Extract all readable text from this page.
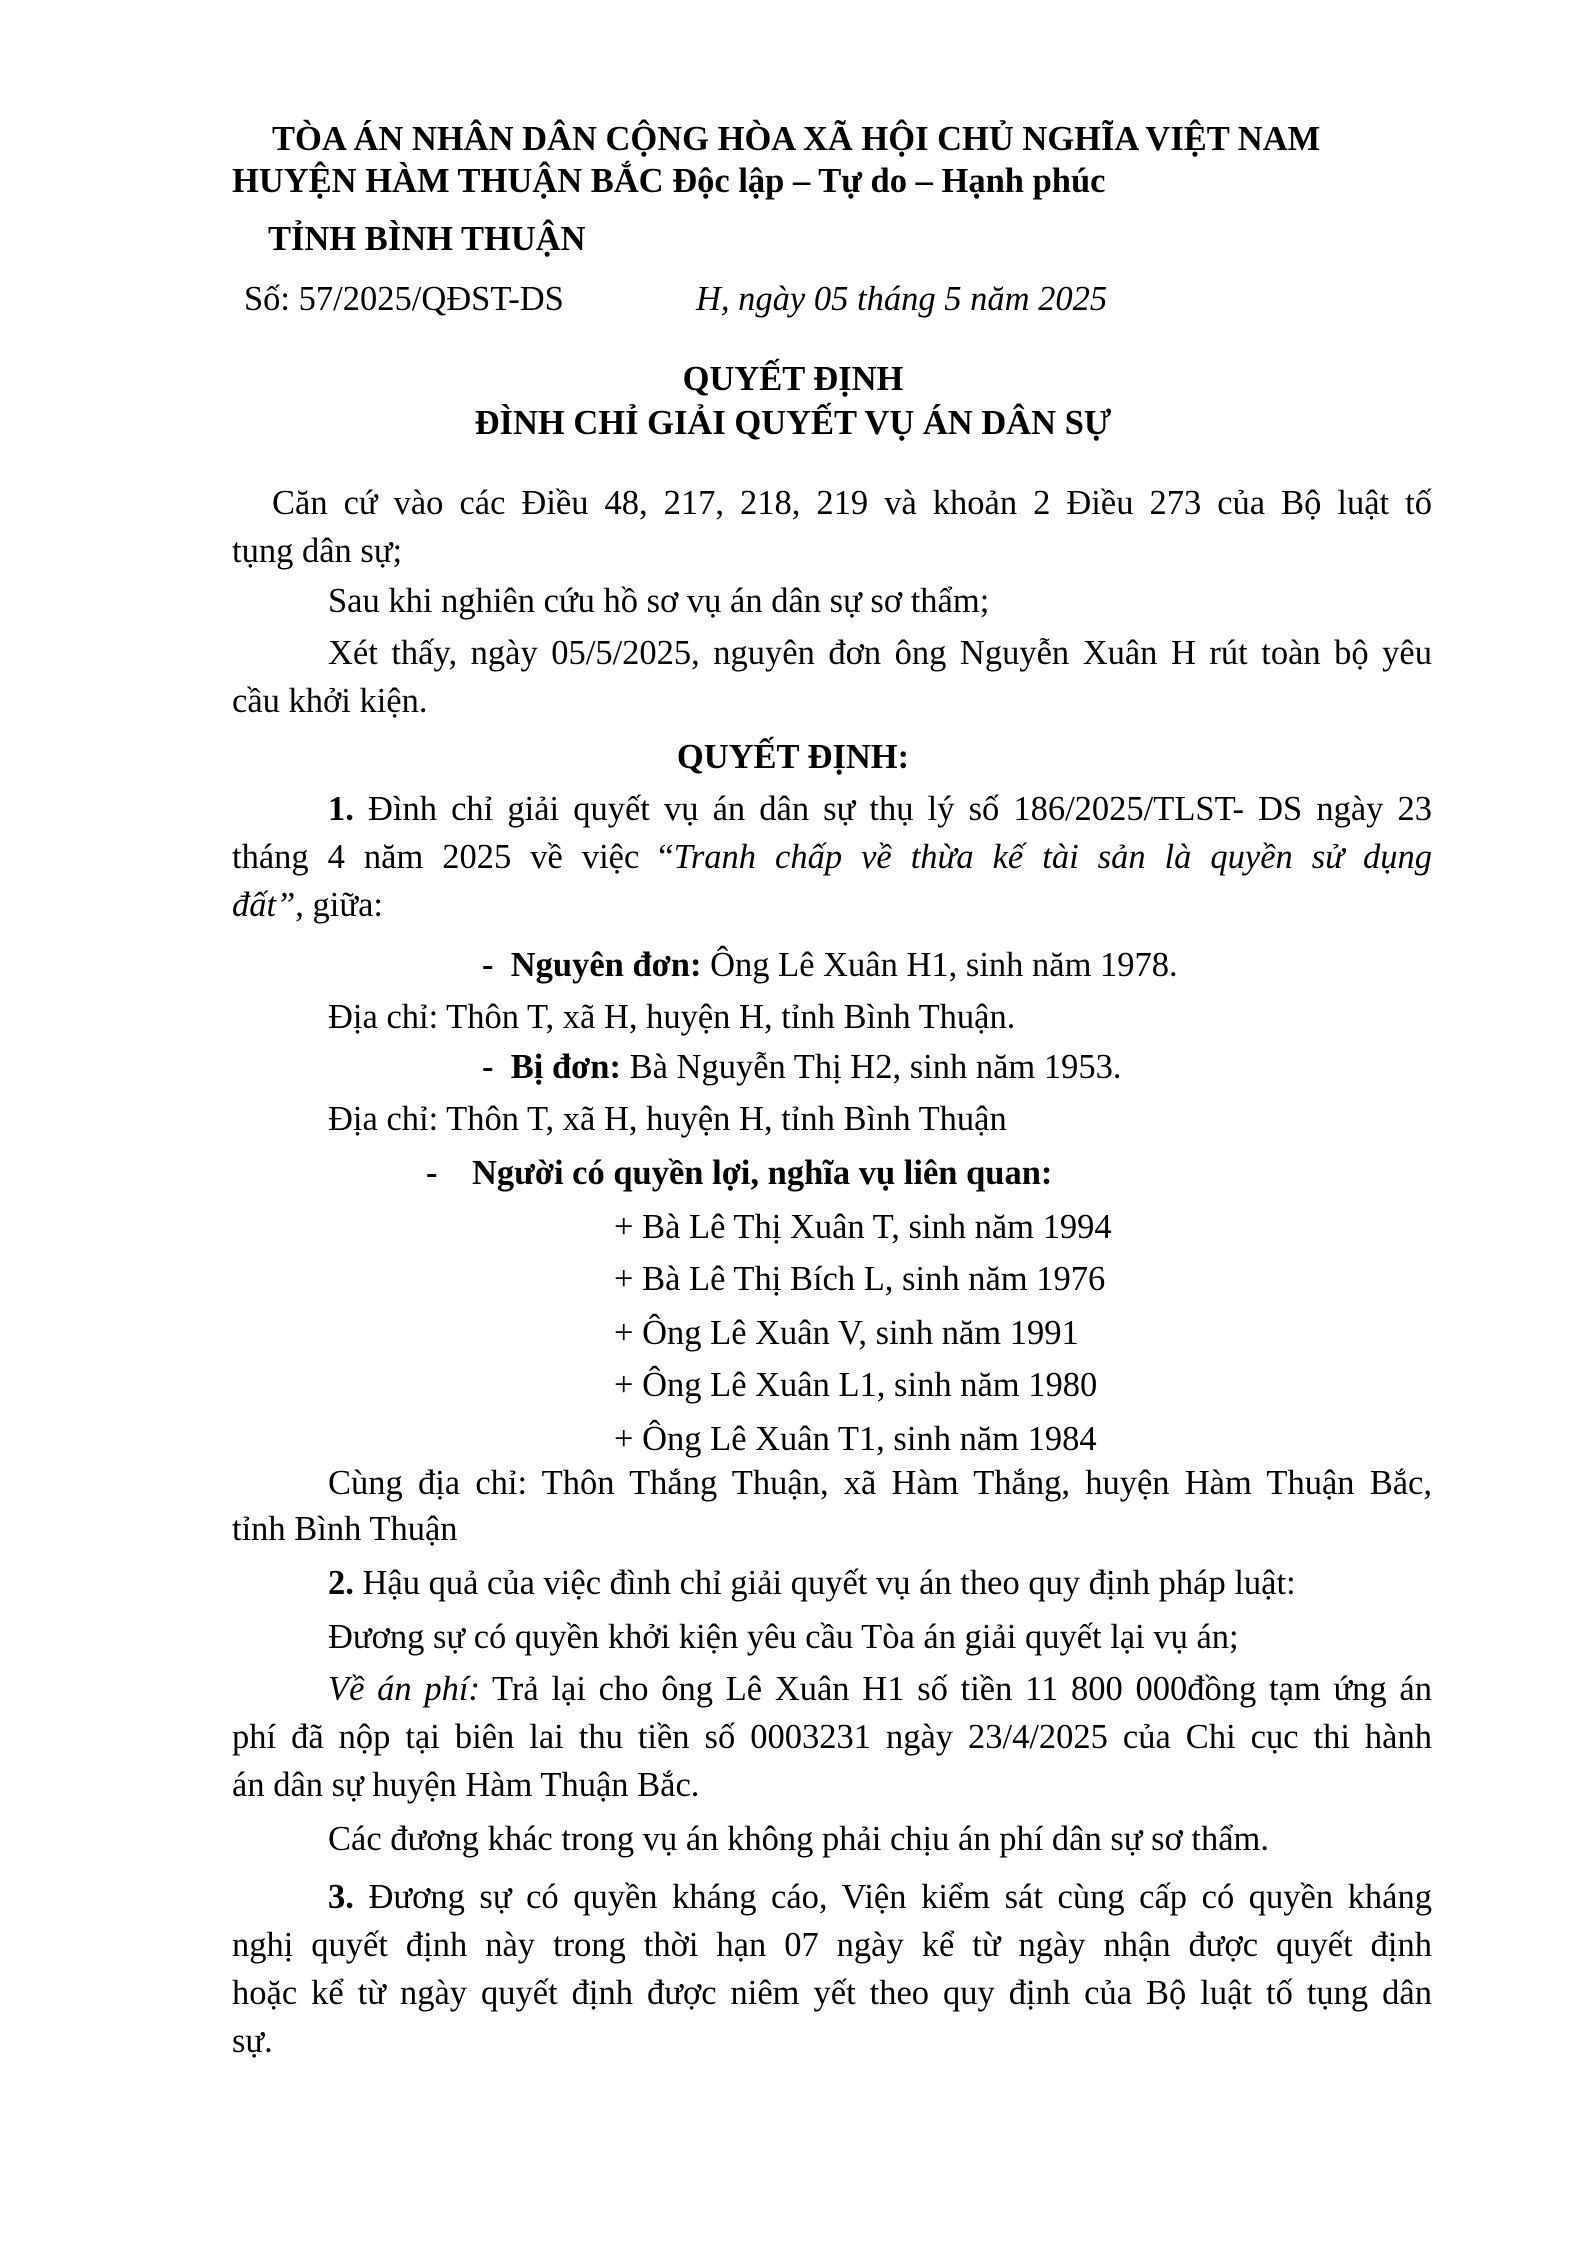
TÒA ÁN NHÂN DÂN CỘNG HÒA XÃ HỘI CHỦ NGHĨA VIỆT NAM
HUYỆN HÀM THUẬN BẮC Độc lập – Tự do – Hạnh phúc
TỈNH BÌNH THUẬN
Số: 57/2025/QĐST-DS	H, ngày 05 tháng 5 năm 2025
QUYẾT ĐỊNH
ĐÌNH CHỈ GIẢI QUYẾT VỤ ÁN DÂN SỰ
Căn cứ vào các Điều 48, 217, 218, 219 và khoản 2 Điều 273 của Bộ luật tố
tụng dân sự;
Sau khi nghiên cứu hồ sơ vụ án dân sự sơ thẩm;
Xét thấy, ngày 05/5/2025, nguyên đơn ông Nguyễn Xuân H rút toàn bộ yêu
cầu khởi kiện.
QUYẾT ĐỊNH:
1. Đình chỉ giải quyết vụ án dân sự thụ lý số 186/2025/TLST- DS ngày 23
tháng 4 năm 2025 về việc “Tranh chấp về thừa kế tài sản là quyền sử dụng
đất”, giữa:
- Nguyên đơn: Ông Lê Xuân H1, sinh năm 1978.
Địa chỉ: Thôn T, xã H, huyện H, tỉnh Bình Thuận.
- Bị đơn: Bà Nguyễn Thị H2, sinh năm 1953.
Địa chỉ: Thôn T, xã H, huyện H, tỉnh Bình Thuận
- Người có quyền lợi, nghĩa vụ liên quan:
+ Bà Lê Thị Xuân T, sinh năm 1994
+ Bà Lê Thị Bích L, sinh năm 1976
+ Ông Lê Xuân V, sinh năm 1991
+ Ông Lê Xuân L1, sinh năm 1980
+ Ông Lê Xuân T1, sinh năm 1984
Cùng địa chỉ: Thôn Thắng Thuận, xã Hàm Thắng, huyện Hàm Thuận Bắc,
tỉnh Bình Thuận
2. Hậu quả của việc đình chỉ giải quyết vụ án theo quy định pháp luật:
Đương sự có quyền khởi kiện yêu cầu Tòa án giải quyết lại vụ án;
Về án phí: Trả lại cho ông Lê Xuân H1 số tiền 11 800 000đồng tạm ứng án
phí đã nộp tại biên lai thu tiền số 0003231 ngày 23/4/2025 của Chi cục thi hành
án dân sự huyện Hàm Thuận Bắc.
Các đương khác trong vụ án không phải chịu án phí dân sự sơ thẩm.
3. Đương sự có quyền kháng cáo, Viện kiểm sát cùng cấp có quyền kháng
nghị quyết định này trong thời hạn 07 ngày kể từ ngày nhận được quyết định
hoặc kể từ ngày quyết định được niêm yết theo quy định của Bộ luật tố tụng dân
sự.
